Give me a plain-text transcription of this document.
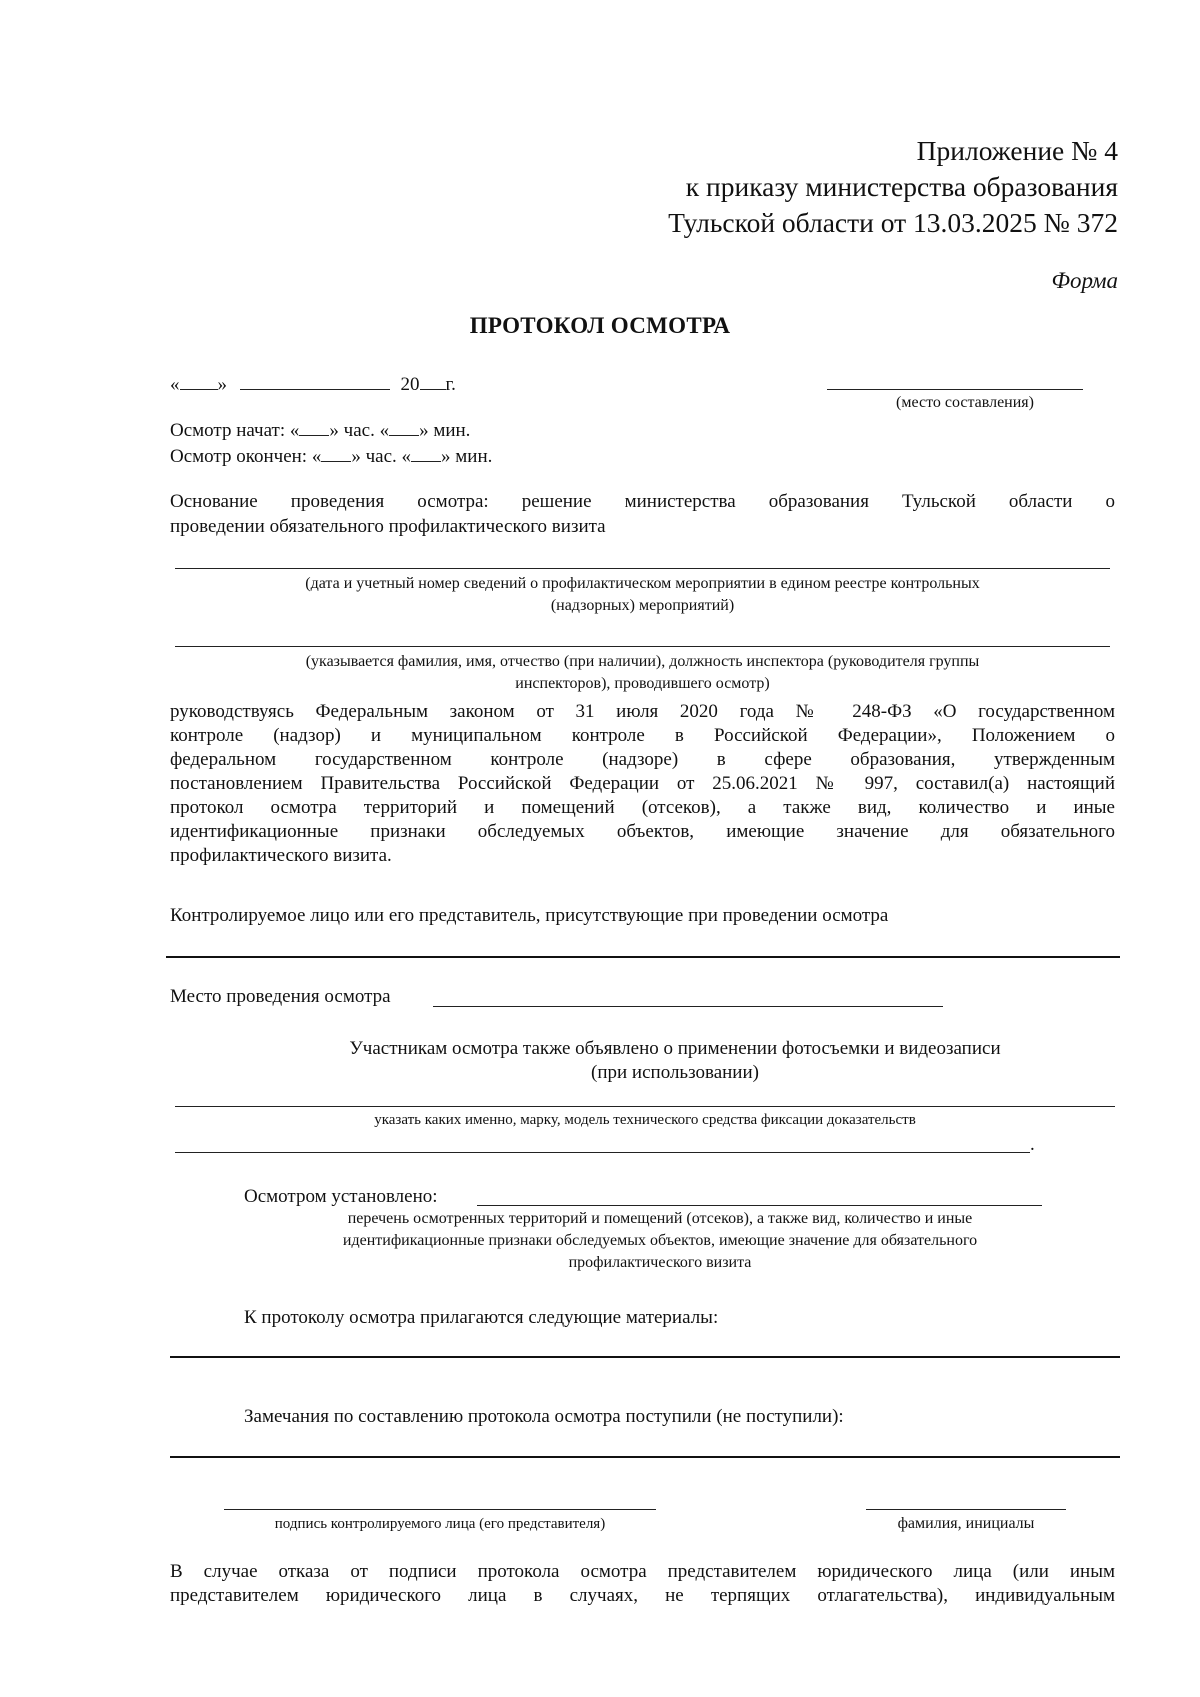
Приложение № 4
к приказу министерства образования
Тульской области от 13.03.2025 № 372
Форма
ПРОТОКОЛ ОСМОТРА
« »	20 г.
(место составления)
Осмотр начат: « » час. « » мин.
Осмотр окончен: « » час. « » мин.
Основание проведения осмотра: решение министерства образования Тульской области о
проведении обязательного профилактического визита
(дата и учетный номер сведений о профилактическом мероприятии в едином реестре контрольных
(надзорных) мероприятий)
(указывается фамилия, имя, отчество (при наличии), должность инспектора (руководителя группы
инспекторов), проводившего осмотр)
руководствуясь Федеральным законом от 31 июля 2020 года № 248-ФЗ «О государственном
контроле (надзор) и муниципальном контроле в Российской Федерации», Положением о
федеральном государственном контроле (надзоре) в сфере образования, утвержденным
постановлением Правительства Российской Федерации от 25.06.2021 № 997, составил(а) настоящий
протокол осмотра территорий и помещений (отсеков), а также вид, количество и иные
идентификационные признаки обследуемых объектов, имеющие значение для обязательного
профилактического визита.
Контролируемое лицо или его представитель, присутствующие при проведении осмотра
Место проведения осмотра
Участникам осмотра также объявлено о применении фотосъемки и видеозаписи
(при использовании)
указать каких именно, марку, модель технического средства фиксации доказательств
.
Осмотром установлено:
перечень осмотренных территорий и помещений (отсеков), а также вид, количество и иные
идентификационные признаки обследуемых объектов, имеющие значение для обязательного
профилактического визита
К протоколу осмотра прилагаются следующие материалы:
Замечания по составлению протокола осмотра поступили (не поступили):
подпись контролируемого лица (его представителя)	фамилия, инициалы
В случае отказа от подписи протокола осмотра представителем юридического лица (или иным
представителем юридического лица в случаях, не терпящих отлагательства), индивидуальным
